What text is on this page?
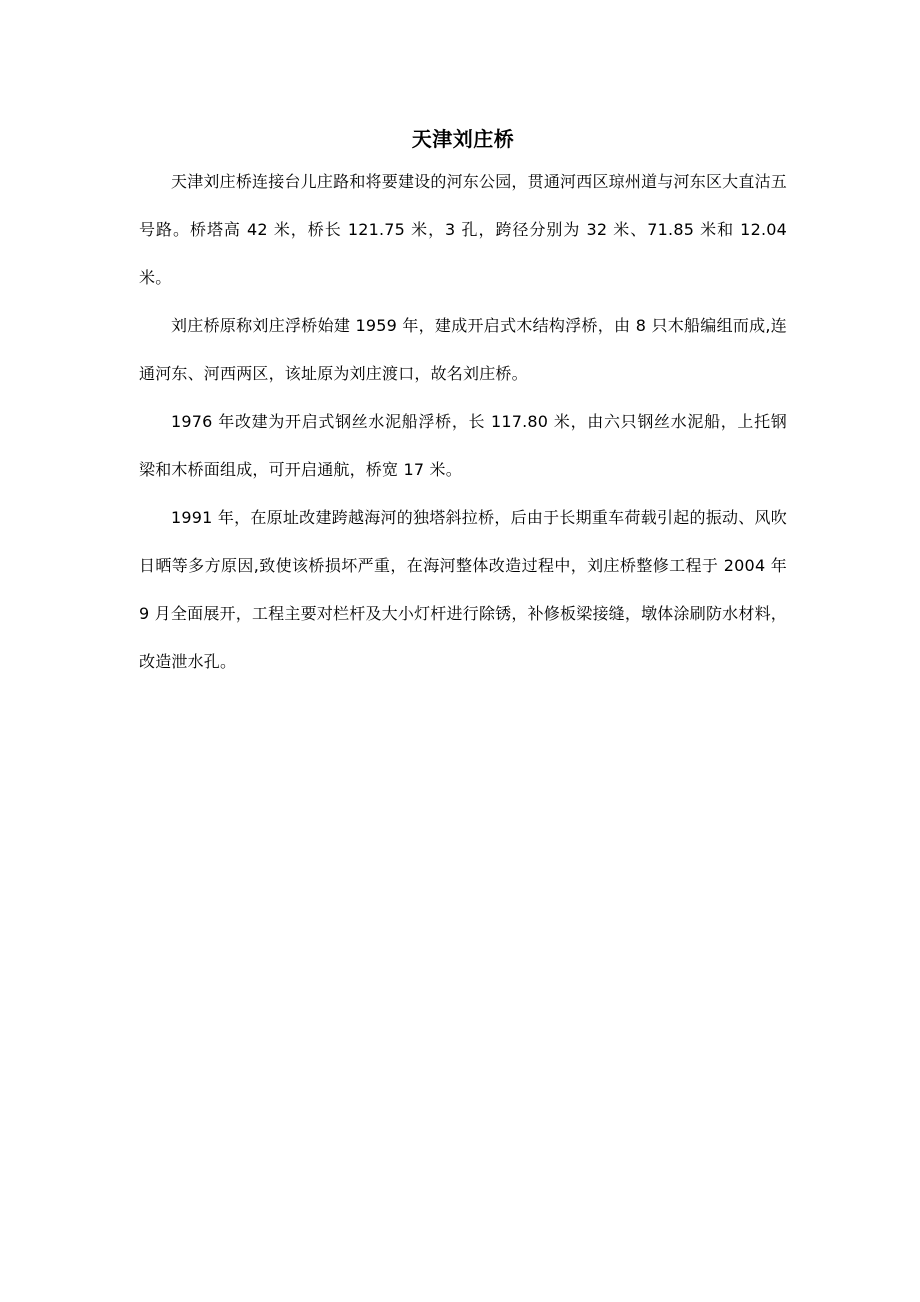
天津刘庄桥

天津刘庄桥连接台儿庄路和将要建设的河东公园，贯通河西区琼州道与河东区大直沽五号路。桥塔高 42 米，桥长 121.75 米，3 孔，跨径分别为 32 米、71.85 米和 12.04 米。

刘庄桥原称刘庄浮桥始建 1959 年，建成开启式木结构浮桥，由 8 只木船编组而成,连通河东、河西两区，该址原为刘庄渡口，故名刘庄桥。

1976 年改建为开启式钢丝水泥船浮桥，长 117.80 米，由六只钢丝水泥船，上托钢梁和木桥面组成，可开启通航，桥宽 17 米。

1991 年，在原址改建跨越海河的独塔斜拉桥，后由于长期重车荷载引起的振动、风吹日晒等多方原因,致使该桥损坏严重，在海河整体改造过程中，刘庄桥整修工程于 2004 年 9 月全面展开，工程主要对栏杆及大小灯杆进行除锈，补修板梁接缝，墩体涂刷防水材料，改造泄水孔。
